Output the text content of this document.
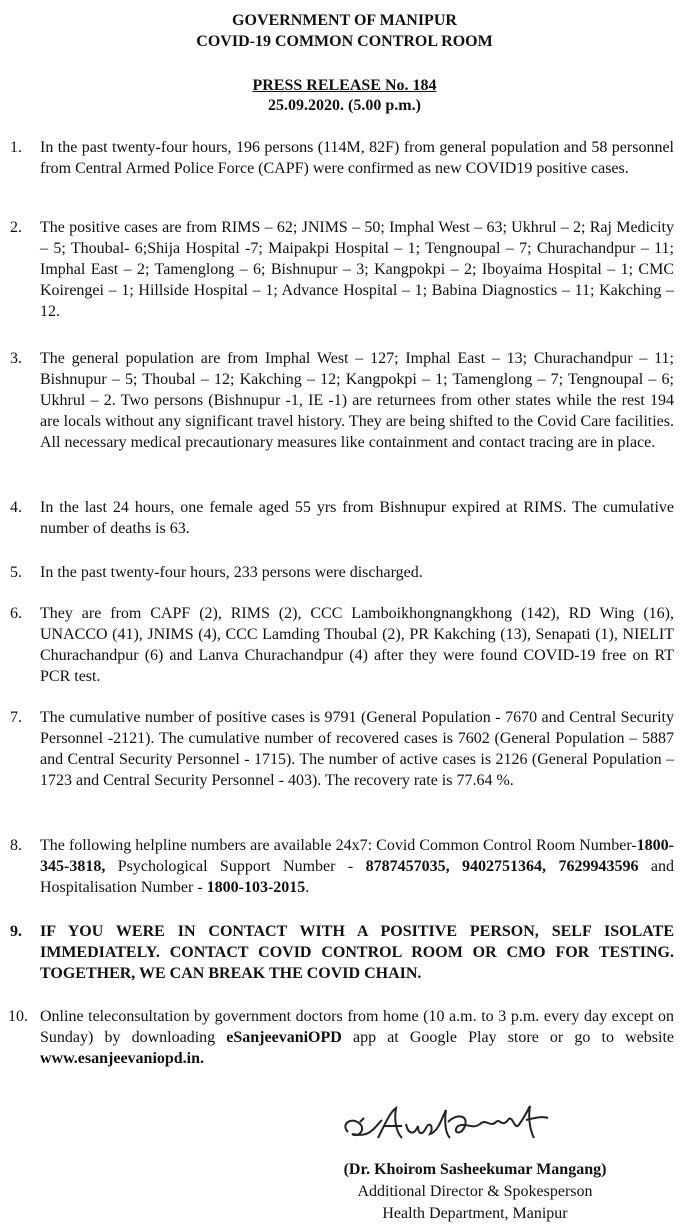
GOVERNMENT OF MANIPUR
COVID-19 COMMON CONTROL ROOM
PRESS RELEASE No. 184
25.09.2020. (5.00 p.m.)
1.	In the past twenty-four hours, 196 persons (114M, 82F) from general population and 58 personnel from Central Armed Police Force (CAPF) were confirmed as new COVID19 positive cases.
2.	The positive cases are from RIMS – 62; JNIMS – 50; Imphal West – 63; Ukhrul – 2; Raj Medicity – 5; Thoubal- 6;Shija Hospital -7; Maipakpi Hospital – 1; Tengnoupal – 7; Churachandpur – 11; Imphal East – 2; Tamenglong – 6; Bishnupur – 3; Kangpokpi – 2; Iboyaima Hospital – 1; CMC Koirengei – 1; Hillside Hospital – 1; Advance Hospital – 1; Babina Diagnostics – 11; Kakching – 12.
3.	The general population are from Imphal West – 127; Imphal East – 13; Churachandpur – 11; Bishnupur – 5; Thoubal – 12; Kakching – 12; Kangpokpi – 1; Tamenglong – 7; Tengnoupal – 6; Ukhrul – 2. Two persons (Bishnupur -1, IE -1) are returnees from other states while the rest 194 are locals without any significant travel history. They are being shifted to the Covid Care facilities. All necessary medical precautionary measures like containment and contact tracing are in place.
4.	In the last 24 hours, one female aged 55 yrs from Bishnupur expired at RIMS. The cumulative number of deaths is 63.
5.	In the past twenty-four hours, 233 persons were discharged.
6.	They are from CAPF (2), RIMS (2), CCC Lamboikhongnangkhong (142), RD Wing (16), UNACCO (41), JNIMS (4), CCC Lamding Thoubal (2), PR Kakching (13), Senapati (1), NIELIT Churachandpur (6) and Lanva Churachandpur (4) after they were found COVID-19 free on RT PCR test.
7.	The cumulative number of positive cases is 9791 (General Population - 7670 and Central Security Personnel -2121). The cumulative number of recovered cases is 7602 (General Population – 5887 and Central Security Personnel - 1715). The number of active cases is 2126 (General Population – 1723 and Central Security Personnel - 403). The recovery rate is 77.64 %.
8.	The following helpline numbers are available 24x7: Covid Common Control Room Number-1800-345-3818, Psychological Support Number - 8787457035, 9402751364, 7629943596 and Hospitalisation Number - 1800-103-2015.
9.	IF YOU WERE IN CONTACT WITH A POSITIVE PERSON, SELF ISOLATE IMMEDIATELY. CONTACT COVID CONTROL ROOM OR CMO FOR TESTING. TOGETHER, WE CAN BREAK THE COVID CHAIN.
10. Online teleconsultation by government doctors from home (10 a.m. to 3 p.m. every day except on Sunday) by downloading eSanjeevaniOPD app at Google Play store or go to website www.esanjeevaniopd.in.
(Dr. Khoirom Sasheekumar Mangang)
Additional Director & Spokesperson
Health Department, Manipur
